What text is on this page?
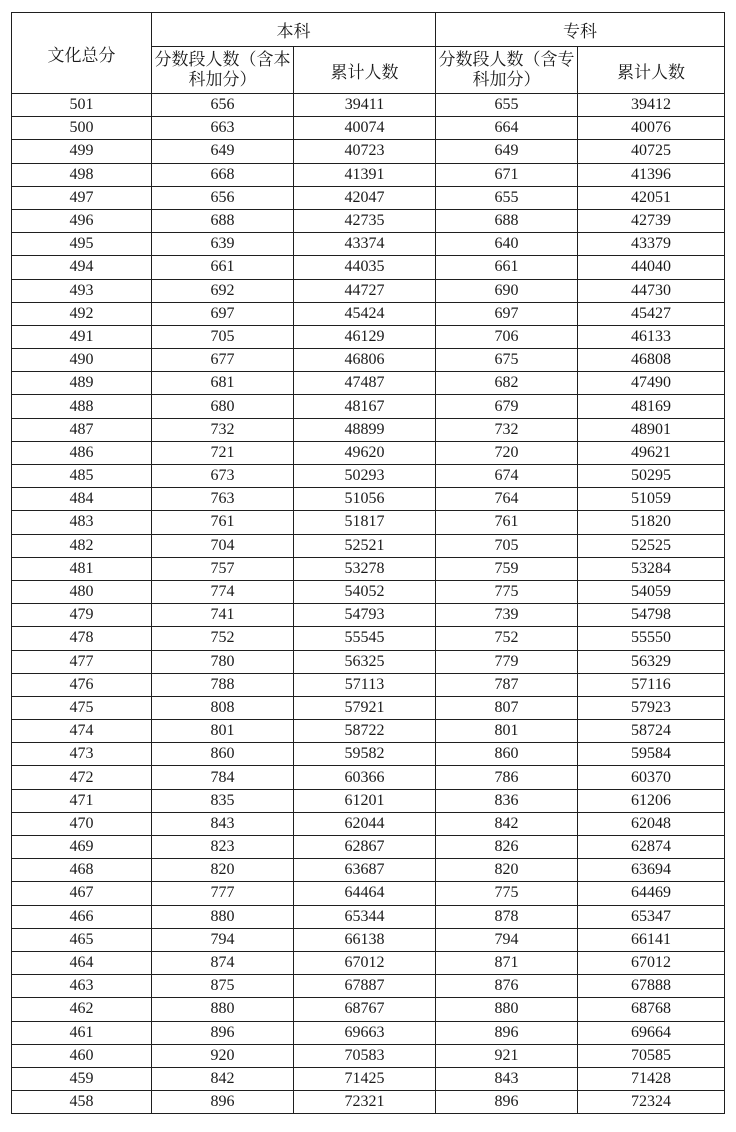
文化总分	本科		专科	
	分数段人数（含本科加分）	累计人数	分数段人数（含专科加分）	累计人数
501	656	39411	655	39412
500	663	40074	664	40076
499	649	40723	649	40725
498	668	41391	671	41396
497	656	42047	655	42051
496	688	42735	688	42739
495	639	43374	640	43379
494	661	44035	661	44040
493	692	44727	690	44730
492	697	45424	697	45427
491	705	46129	706	46133
490	677	46806	675	46808
489	681	47487	682	47490
488	680	48167	679	48169
487	732	48899	732	48901
486	721	49620	720	49621
485	673	50293	674	50295
484	763	51056	764	51059
483	761	51817	761	51820
482	704	52521	705	52525
481	757	53278	759	53284
480	774	54052	775	54059
479	741	54793	739	54798
478	752	55545	752	55550
477	780	56325	779	56329
476	788	57113	787	57116
475	808	57921	807	57923
474	801	58722	801	58724
473	860	59582	860	59584
472	784	60366	786	60370
471	835	61201	836	61206
470	843	62044	842	62048
469	823	62867	826	62874
468	820	63687	820	63694
467	777	64464	775	64469
466	880	65344	878	65347
465	794	66138	794	66141
464	874	67012	871	67012
463	875	67887	876	67888
462	880	68767	880	68768
461	896	69663	896	69664
460	920	70583	921	70585
459	842	71425	843	71428
458	896	72321	896	72324
